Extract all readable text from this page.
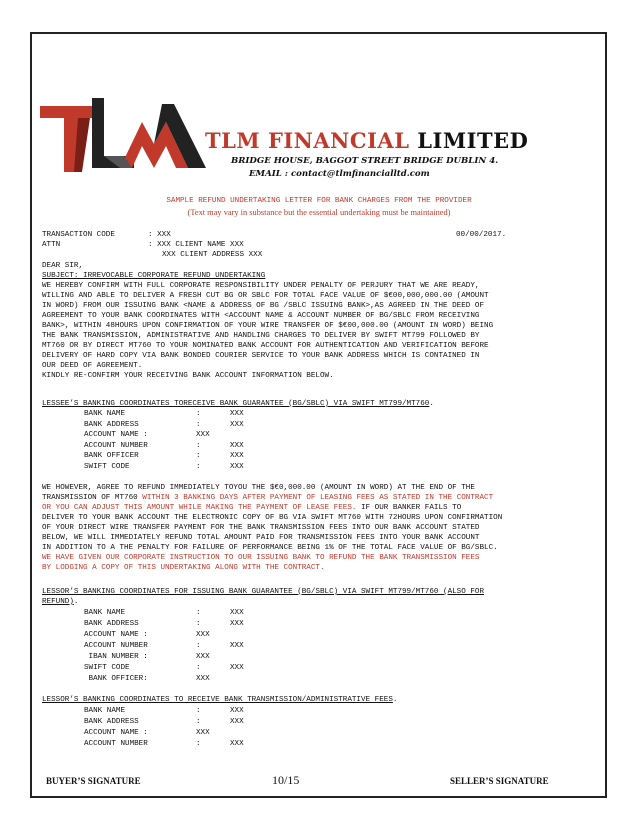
TLM FINANCIAL LIMITED
BRIDGE HOUSE, BAGGOT STREET BRIDGE DUBLIN 4.
EMAIL : contact@tlmfinancialltd.com
SAMPLE REFUND UNDERTAKING LETTER FOR BANK CHARGES FROM THE PROVIDER
(Text may vary in substance but the essential undertaking must be maintained)
TRANSACTION CODE	: XXX	00/00/2017.
ATTN	: XXX CLIENT NAME XXX
XXX CLIENT ADDRESS XXX
DEAR SIR,
SUBJECT: IRREVOCABLE CORPORATE REFUND UNDERTAKING
WE HEREBY CONFIRM WITH FULL CORPORATE RESPONSIBILITY UNDER PENALTY OF PERJURY THAT WE ARE READY,
WILLING AND ABLE TO DELIVER A FRESH CUT BG OR SBLC FOR TOTAL FACE VALUE OF $€00,000,000.00 (AMOUNT
IN WORD) FROM OUR ISSUING BANK <NAME & ADDRESS OF BG /SBLC ISSUING BANK>,AS AGREED IN THE DEED OF
AGREEMENT TO YOUR BANK COORDINATES WITH <ACCOUNT NAME & ACCOUNT NUMBER OF BG/SBLC FROM RECEIVING
BANK>, WITHIN 48HOURS UPON CONFIRMATION OF YOUR WIRE TRANSFER OF $€00,000.00 (AMOUNT IN WORD) BEING
THE BANK TRANSMISSION, ADMINISTRATIVE AND HANDLING CHARGES TO DELIVER BY SWIFT MT799 FOLLOWED BY
MT760 OR BY DIRECT MT760 TO YOUR NOMINATED BANK ACCOUNT FOR AUTHENTICATION AND VERIFICATION BEFORE
DELIVERY OF HARD COPY VIA BANK BONDED COURIER SERVICE TO YOUR BANK ADDRESS WHICH IS CONTAINED IN
OUR DEED OF AGREEMENT.
KINDLY RE-CONFIRM YOUR RECEIVING BANK ACCOUNT INFORMATION BELOW.
LESSEE’S BANKING COORDINATES TORECEIVE BANK GUARANTEE (BG/SBLC) VIA SWIFT MT799/MT760.
BANK NAME	:	XXX
BANK ADDRESS	:	XXX
ACCOUNT NAME :	XXX
ACCOUNT NUMBER	:	XXX
BANK OFFICER	:	XXX
SWIFT CODE	:	XXX
WE HOWEVER, AGREE TO REFUND IMMEDIATELY TOYOU THE $€0,000.00 (AMOUNT IN WORD) AT THE END OF THE
TRANSMISSION OF MT760 WITHIN 3 BANKING DAYS AFTER PAYMENT OF LEASING FEES AS STATED IN THE CONTRACT
OR YOU CAN ADJUST THIS AMOUNT WHILE MAKING THE PAYMENT OF LEASE FEES. IF OUR BANKER FAILS TO
DELIVER TO YOUR BANK ACCOUNT THE ELECTRONIC COPY OF BG VIA SWIFT MT760 WITH 72HOURS UPON CONFIRMATION
OF YOUR DIRECT WIRE TRANSFER PAYMENT FOR THE BANK TRANSMISSION FEES INTO OUR BANK ACCOUNT STATED
BELOW, WE WILL IMMEDIATELY REFUND TOTAL AMOUNT PAID FOR TRANSMISSION FEES INTO YOUR BANK ACCOUNT
IN ADDITION TO A THE PENALTY FOR FAILURE OF PERFORMANCE BEING 1% OF THE TOTAL FACE VALUE OF BG/SBLC.
WE HAVE GIVEN OUR CORPORATE INSTRUCTION TO OUR ISSUING BANK TO REFUND THE BANK TRANSMISSION FEES
BY LODGING A COPY OF THIS UNDERTAKING ALONG WITH THE CONTRACT.
LESSOR’S BANKING COORDINATES FOR ISSUING BANK GUARANTEE (BG/SBLC) VIA SWIFT MT799/MT760 (ALSO FOR
REFUND).
BANK NAME	:	XXX
BANK ADDRESS	:	XXX
ACCOUNT NAME :	XXX
ACCOUNT NUMBER	:	XXX
IBAN NUMBER :	XXX
SWIFT CODE	:	XXX
BANK OFFICER:	XXX
LESSOR’S BANKING COORDINATES TO RECEIVE BANK TRANSMISSION/ADMINISTRATIVE FEES.
BANK NAME	:	XXX
BANK ADDRESS	:	XXX
ACCOUNT NAME :	XXX
ACCOUNT NUMBER	:	XXX
BUYER’S SIGNATURE	10/15	SELLER’S SIGNATURE
